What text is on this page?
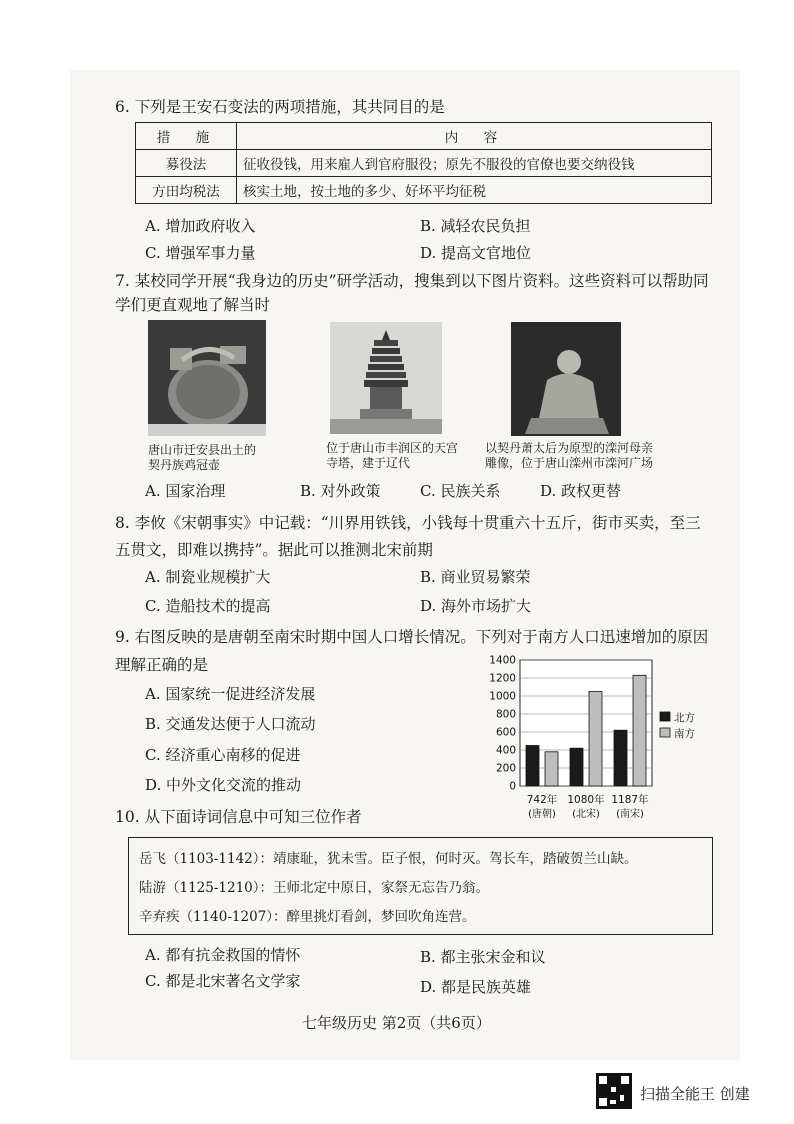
6. 下列是王安石变法的两项措施，其共同目的是
措　施	内　容
募役法	征收役钱，用来雇人到官府服役；原先不服役的官僚也要交纳役钱
方田均税法	核实土地，按土地的多少、好坏平均征税
A. 增加政府收入	B. 减轻农民负担
C. 增强军事力量	D. 提高文官地位
7. 某校同学开展“我身边的历史”研学活动，搜集到以下图片资料。这些资料可以帮助同
学们更直观地了解当时
唐山市迁安县出土的
契丹族鸡冠壶
位于唐山市丰润区的天宫
寺塔，建于辽代
以契丹萧太后为原型的滦河母亲
雕像，位于唐山滦州市滦河广场
A. 国家治理	B. 对外政策	C. 民族关系	D. 政权更替
8. 李攸《宋朝事实》中记载：“川界用铁钱，小钱每十贯重六十五斤，街市买卖，至三
五贯文，即难以携持”。据此可以推测北宋前期
A. 制瓷业规模扩大	B. 商业贸易繁荣
C. 造船技术的提高	D. 海外市场扩大
9. 右图反映的是唐朝至南宋时期中国人口增长情况。下列对于南方人口迅速增加的原因
理解正确的是
A. 国家统一促进经济发展
B. 交通发达便于人口流动
C. 经济重心南移的促进
D. 中外文化交流的推动	0
200
400
600
800
1000
1200
1400
742年
(唐朝)
1080年
(北宋)
1187年
(南宋)
北方
南方
10. 从下面诗词信息中可知三位作者
岳飞（1103-1142）：靖康耻，犹未雪。臣子恨，何时灭。驾长车，踏破贺兰山缺。
陆游（1125-1210）：王师北定中原日，家祭无忘告乃翁。
辛弃疾（1140-1207）：醉里挑灯看剑，梦回吹角连营。
A. 都有抗金救国的情怀	B. 都主张宋金和议
C. 都是北宋著名文学家	D. 都是民族英雄
七年级历史 第2页（共6页）
扫描全能王 创建
